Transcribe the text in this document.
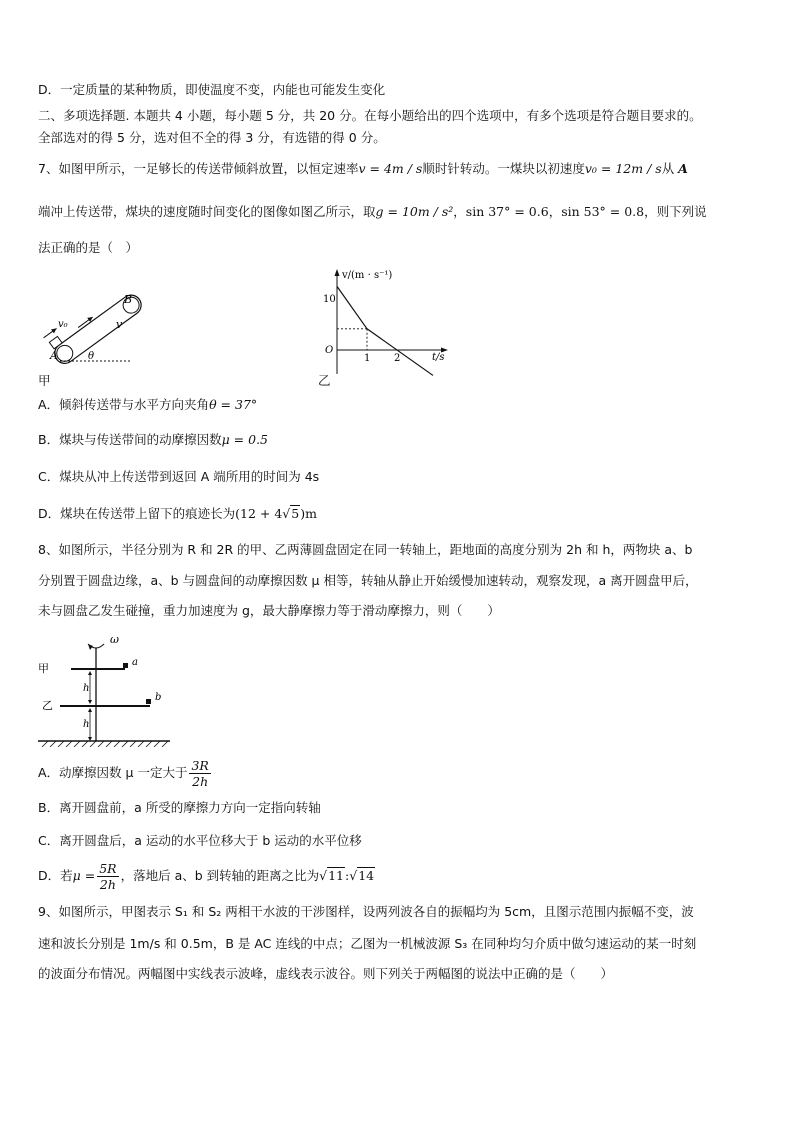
D．一定质量的某种物质，即使温度不变，内能也可能发生变化
二、多项选择题. 本题共 4 小题，每小题 5 分，共 20 分。在每小题给出的四个选项中，有多个选项是符合题目要求的。
全部选对的得 5 分，选对但不全的得 3 分，有选错的得 0 分。
7、如图甲所示，一足够长的传送带倾斜放置，以恒定速率v = 4m / s顺时针转动。一煤块以初速度v₀ = 12m / s从 A
端冲上传送带，煤块的速度随时间变化的图像如图乙所示，取g = 10m / s²，sin 37° = 0.6，sin 53° = 0.8，则下列说
法正确的是（　）
B
v
v₀
A	θ
甲
v/(m · s⁻¹)
t/s
10
O
1 2
乙
A．倾斜传送带与水平方向夹角θ = 37°
B．煤块与传送带间的动摩擦因数μ = 0.5
C．煤块从冲上传送带到返回 A 端所用的时间为 4s
D．煤块在传送带上留下的痕迹长为(12 + 4√5)m
8、如图所示，半径分别为 R 和 2R 的甲、乙两薄圆盘固定在同一转轴上，距地面的高度分别为 2h 和 h，两物块 a、b
分别置于圆盘边缘，a、b 与圆盘间的动摩擦因数 μ 相等，转轴从静止开始缓慢加速转动，观察发现，a 离开圆盘甲后，
未与圆盘乙发生碰撞，重力加速度为 g，最大静摩擦力等于滑动摩擦力，则（　　）
ω
a
甲
b
乙
h
h
A．动摩擦因数 μ 一定大于 $\frac{3R}{2h}$
B．离开圆盘前，a 所受的摩擦力方向一定指向转轴
C．离开圆盘后，a 运动的水平位移大于 b 运动的水平位移
D．若$\mu = \frac{5R}{2h}$ ，落地后 a、b 到转轴的距离之比为√11:√14
9、如图所示，甲图表示 S₁ 和 S₂ 两相干水波的干涉图样，设两列波各自的振幅均为 5cm，且图示范围内振幅不变，波
速和波长分别是 1m/s 和 0.5m，B 是 AC 连线的中点；乙图为一机械波源 S₃ 在同种均匀介质中做匀速运动的某一时刻
的波面分布情况。两幅图中实线表示波峰，虚线表示波谷。则下列关于两幅图的说法中正确的是（　　）
